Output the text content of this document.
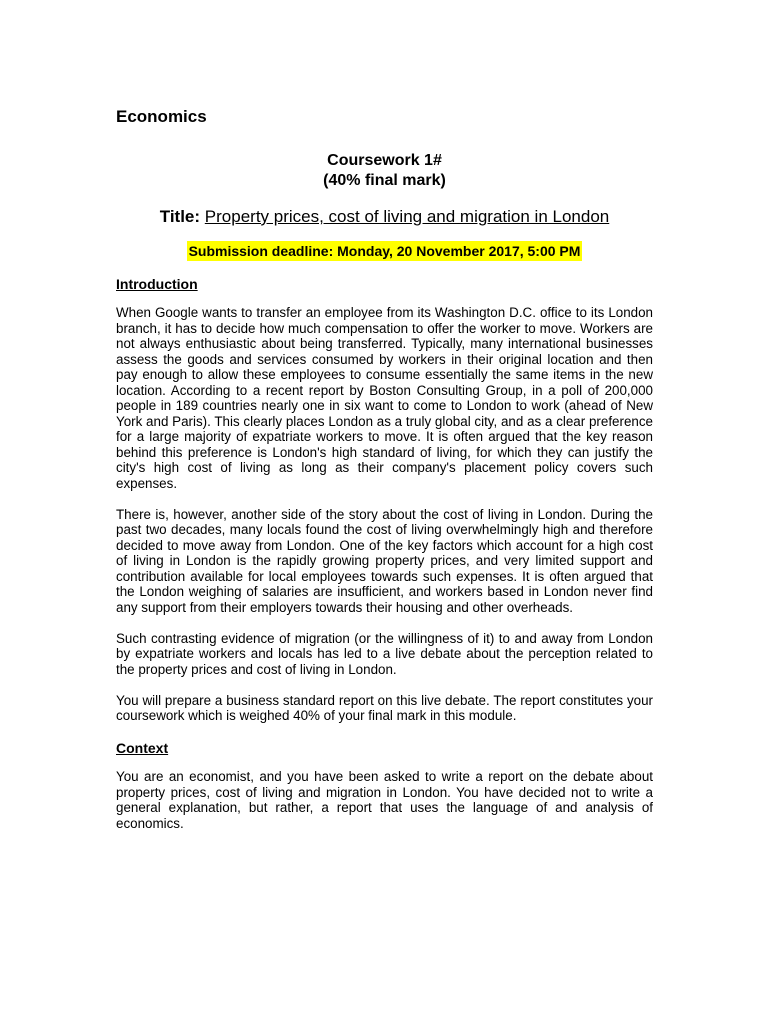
Economics
Coursework 1#
(40% final mark)
Title: Property prices, cost of living and migration in London
Submission deadline: Monday, 20 November 2017, 5:00 PM
Introduction

When Google wants to transfer an employee from its Washington D.C. office to its London branch, it has to decide how much compensation to offer the worker to move. Workers are not always enthusiastic about being transferred. Typically, many international businesses assess the goods and services consumed by workers in their original location and then pay enough to allow these employees to consume essentially the same items in the new location. According to a recent report by Boston Consulting Group, in a poll of 200,000 people in 189 countries nearly one in six want to come to London to work (ahead of New York and Paris). This clearly places London as a truly global city, and as a clear preference for a large majority of expatriate workers to move. It is often argued that the key reason behind this preference is London's high standard of living, for which they can justify the city's high cost of living as long as their company's placement policy covers such expenses.

There is, however, another side of the story about the cost of living in London. During the past two decades, many locals found the cost of living overwhelmingly high and therefore decided to move away from London. One of the key factors which account for a high cost of living in London is the rapidly growing property prices, and very limited support and contribution available for local employees towards such expenses. It is often argued that the London weighing of salaries are insufficient, and workers based in London never find any support from their employers towards their housing and other overheads.

Such contrasting evidence of migration (or the willingness of it) to and away from London by expatriate workers and locals has led to a live debate about the perception related to the property prices and cost of living in London.

You will prepare a business standard report on this live debate. The report constitutes your coursework which is weighed 40% of your final mark in this module.

Context

You are an economist, and you have been asked to write a report on the debate about property prices, cost of living and migration in London. You have decided not to write a general explanation, but rather, a report that uses the language of and analysis of economics.
